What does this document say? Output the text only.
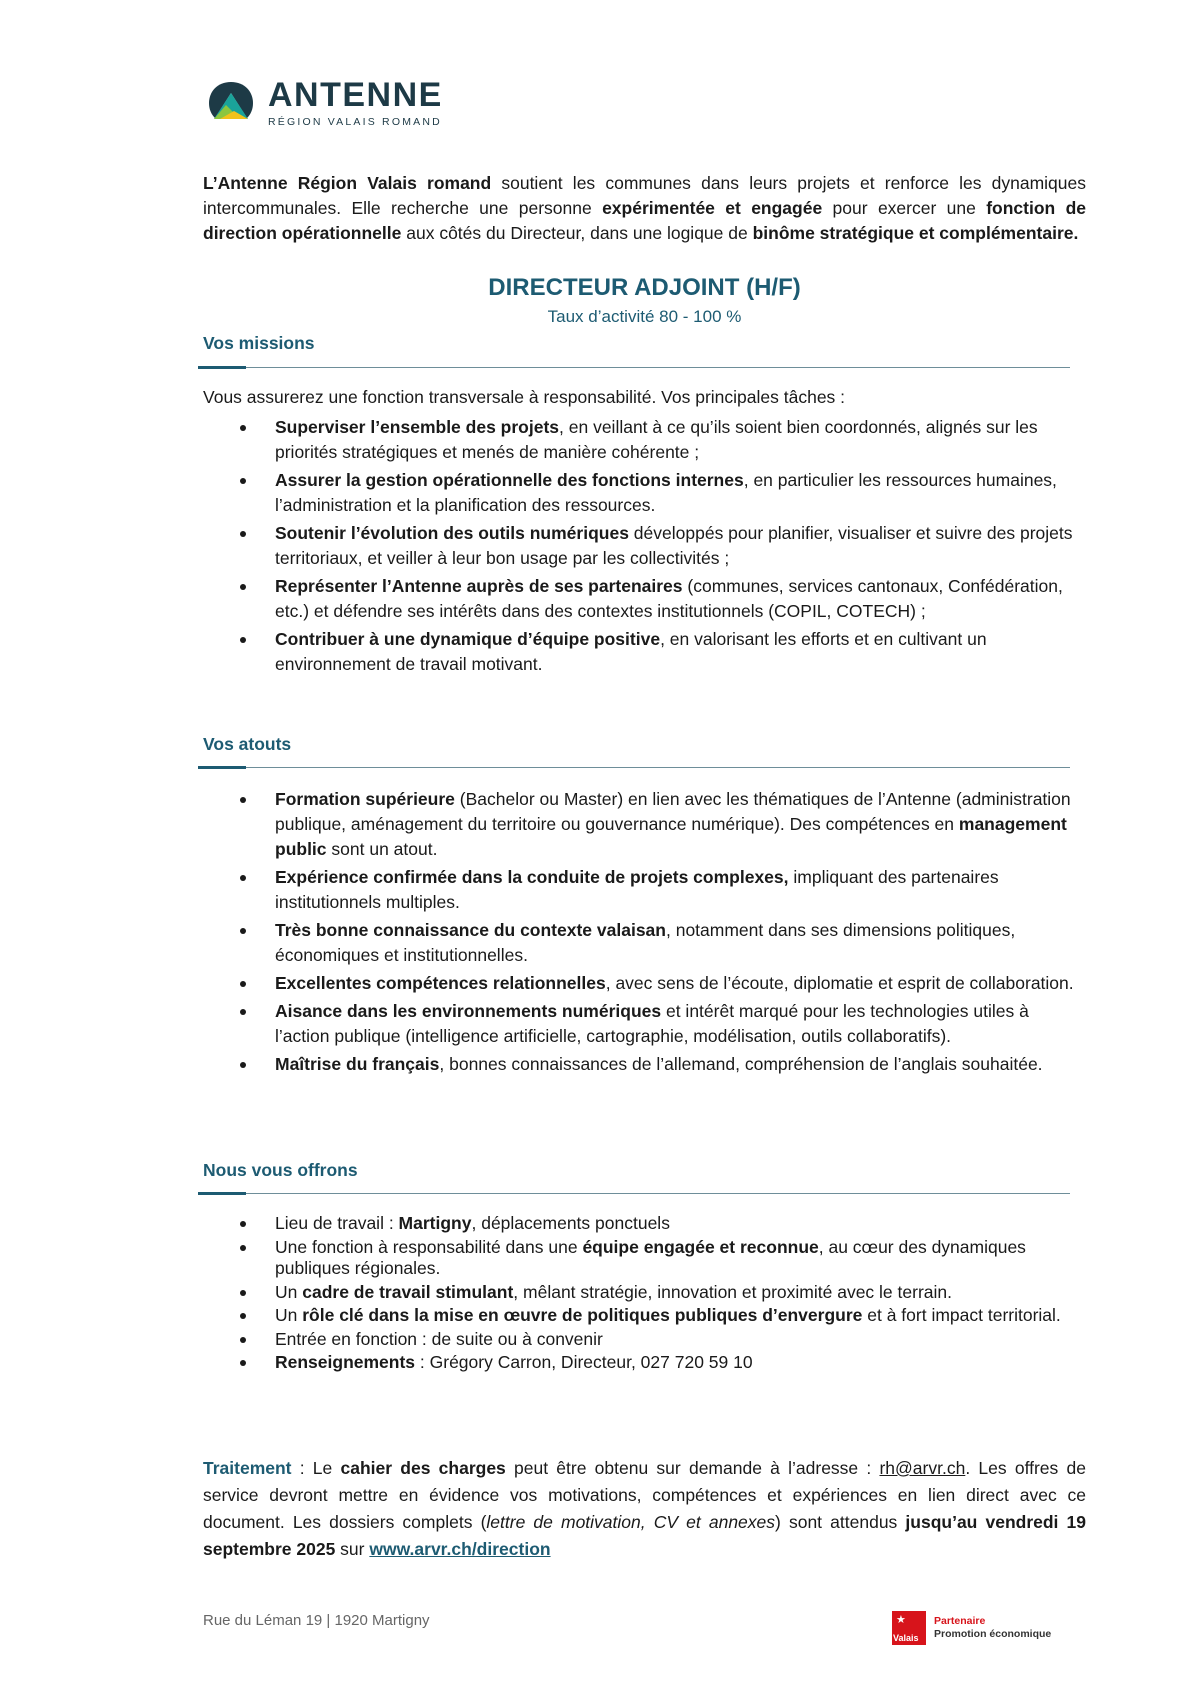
ANTENNE
RÉGION VALAIS ROMAND
L’Antenne Région Valais romand soutient les communes dans leurs projets et renforce les dynamiques intercommunales. Elle recherche une personne expérimentée et engagée pour exercer une fonction de direction opérationnelle aux côtés du Directeur, dans une logique de binôme stratégique et complémentaire.
DIRECTEUR ADJOINT (H/F)
Taux d’activité 80 - 100 %
Vos missions
Vous assurerez une fonction transversale à responsabilité. Vos principales tâches :
Superviser l’ensemble des projets, en veillant à ce qu’ils soient bien coordonnés, alignés sur les priorités stratégiques et menés de manière cohérente ;
Assurer la gestion opérationnelle des fonctions internes, en particulier les ressources humaines, l’administration et la planification des ressources.
Soutenir l’évolution des outils numériques développés pour planifier, visualiser et suivre des projets territoriaux, et veiller à leur bon usage par les collectivités ;
Représenter l’Antenne auprès de ses partenaires (communes, services cantonaux, Confédération, etc.) et défendre ses intérêts dans des contextes institutionnels (COPIL, COTECH) ;
Contribuer à une dynamique d’équipe positive, en valorisant les efforts et en cultivant un environnement de travail motivant.
Vos atouts
Formation supérieure (Bachelor ou Master) en lien avec les thématiques de l’Antenne (administration publique, aménagement du territoire ou gouvernance numérique). Des compétences en management public sont un atout.
Expérience confirmée dans la conduite de projets complexes, impliquant des partenaires institutionnels multiples.
Très bonne connaissance du contexte valaisan, notamment dans ses dimensions politiques, économiques et institutionnelles.
Excellentes compétences relationnelles, avec sens de l’écoute, diplomatie et esprit de collaboration.
Aisance dans les environnements numériques et intérêt marqué pour les technologies utiles à l’action publique (intelligence artificielle, cartographie, modélisation, outils collaboratifs).
Maîtrise du français, bonnes connaissances de l’allemand, compréhension de l’anglais souhaitée.
Nous vous offrons
Lieu de travail : Martigny, déplacements ponctuels
Une fonction à responsabilité dans une équipe engagée et reconnue, au cœur des dynamiques publiques régionales.
Un cadre de travail stimulant, mêlant stratégie, innovation et proximité avec le terrain.
Un rôle clé dans la mise en œuvre de politiques publiques d’envergure et à fort impact territorial.
Entrée en fonction : de suite ou à convenir
Renseignements : Grégory Carron, Directeur, 027 720 59 10
Traitement : Le cahier des charges peut être obtenu sur demande à l’adresse : rh@arvr.ch. Les offres de service devront mettre en évidence vos motivations, compétences et expériences en lien direct avec ce document. Les dossiers complets (lettre de motivation, CV et annexes) sont attendus jusqu’au vendredi 19 septembre 2025 sur www.arvr.ch/direction
Rue du Léman 19 | 1920 Martigny	★
Valais
Partenaire
Promotion économique
